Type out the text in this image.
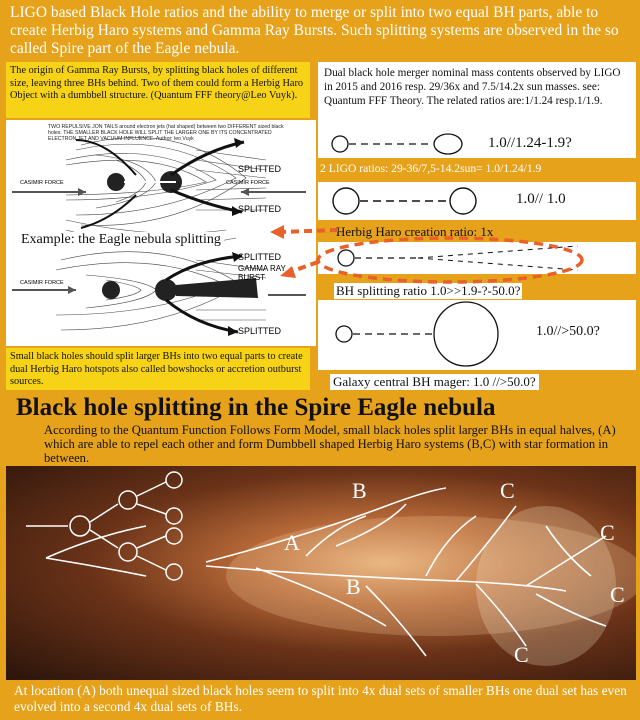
LIGO based Black Hole ratios and the ability to merge or split into two equal BH parts, able to create Herbig Haro systems and Gamma Ray Bursts. Such splitting systems are observed in the so called Spire part of the Eagle nebula.
The origin of Gamma Ray Bursts, by splitting black holes of different size, leaving three BHs behind. Two of them could form a Herbig Haro Object with a dumbbell structure. (Quantum FFF theory@Leo Vuyk).
TWO REPULSIVE JON TAILS around electron jets (hat shaped) between two DIFFERENT sized black holes. THE SMALLER BLACK HOLE WILL SPLIT THE LARGER ONE BY ITS CONCENTRATED ELECTRON JET AND VACUUM INFLUENCE. Author: leo Vuyk
SPLITTED
SPLITTED
SPLITTED
SPLITTED
CASIMIR FORCE	CASIMIR FORCE
CASIMIR FORCE
GAMMA RAY BURST
Example: the Eagle nebula splitting
Small black holes should split larger BHs into two equal parts to create dual Herbig Haro hotspots also called bowshocks or accretion outburst sources.
Dual black hole merger nominal mass contents observed by LIGO in 2015 and 2016 resp. 29/36x and 7.5/14.2x sun masses. see: Quantum FFF Theory. The related ratios are:1/1.24 resp.1/1.9.
1.0//1.24-1.9?
2 LIGO ratios: 29-36/7,5-14.2sun= 1.0/1.24/1.9
1.0// 1.0
Herbig Haro creation ratio: 1x
BH splitting ratio 1.0>>1.9-?-50.0?
1.0//>50.0?
Galaxy central BH mager: 1.0 //>50.0?
Black hole splitting in the Spire Eagle nebula
According to the Quantum Function Follows Form Model, small black holes split larger BHs in equal halves, (A) which are able to repel each other and form Dumbbell shaped Herbig Haro systems (B,C) with star formation in between.
A
B
B
C
C
C
C
At location (A) both unequal sized black holes seem to split into 4x dual sets of smaller BHs one dual set has even evolved into a second 4x dual sets of BHs.
